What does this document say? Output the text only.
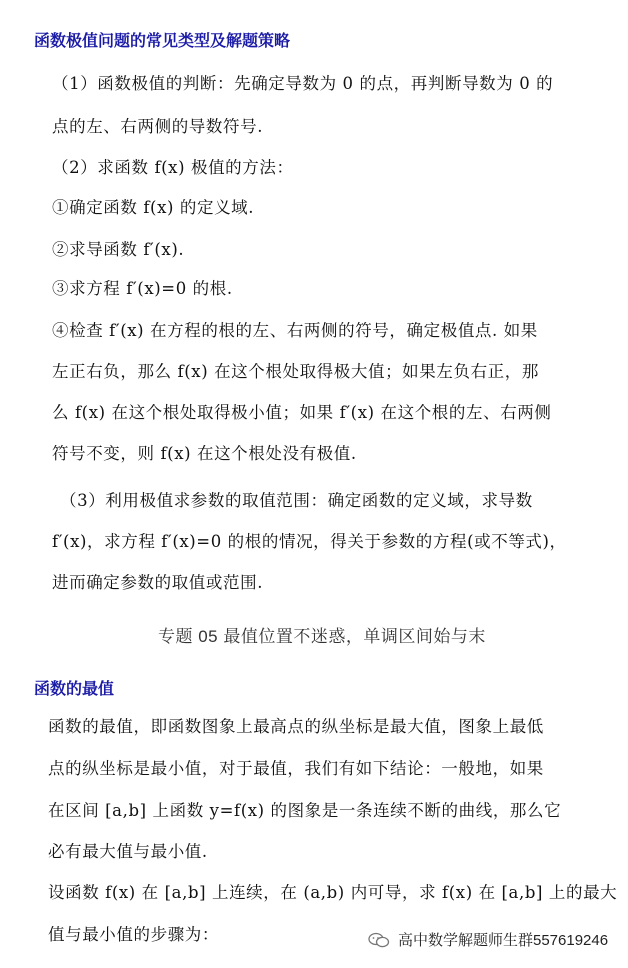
函数极值问题的常见类型及解题策略
（1）函数极值的判断：先确定导数为 0 的点，再判断导数为 0 的
点的左、右两侧的导数符号.
（2）求函数 f(x) 极值的方法：
①确定函数 f(x) 的定义域.
②求导函数 f′(x).
③求方程 f′(x)=0 的根.
④检查 f′(x) 在方程的根的左、右两侧的符号，确定极值点. 如果
左正右负，那么 f(x) 在这个根处取得极大值；如果左负右正，那
么 f(x) 在这个根处取得极小值；如果 f′(x) 在这个根的左、右两侧
符号不变，则 f(x) 在这个根处没有极值.
（3）利用极值求参数的取值范围：确定函数的定义域，求导数
f′(x)，求方程 f′(x)=0 的根的情况，得关于参数的方程(或不等式)，
进而确定参数的取值或范围.
专题 05 最值位置不迷惑，单调区间始与末
函数的最值
函数的最值，即函数图象上最高点的纵坐标是最大值，图象上最低
点的纵坐标是最小值，对于最值，我们有如下结论：一般地，如果
在区间 [a,b] 上函数 y=f(x) 的图象是一条连续不断的曲线，那么它
必有最大值与最小值.
设函数 f(x) 在 [a,b] 上连续，在 (a,b) 内可导，求 f(x) 在 [a,b] 上的最大
值与最小值的步骤为：	高中数学解题师生群557619246
